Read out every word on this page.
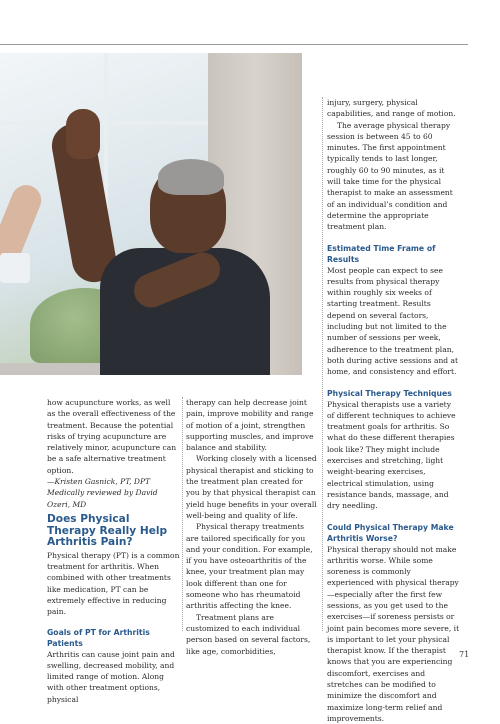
how acupuncture works, as well as the overall effectiveness of the treatment. Because the potential risks of trying acupuncture are relatively minor, acupuncture can be a safe alternative treatment option.

—Kristen Gasnick, PT, DPT

Medically reviewed by David Ozeri, MD

Does Physical Therapy Really Help Arthritis Pain?

Physical therapy (PT) is a common treatment for arthritis. When combined with other treatments like medication, PT can be extremely effective in reducing pain.

Goals of PT for Arthritis Patients

Arthritis can cause joint pain and swelling, decreased mobility, and limited range of motion. Along with other treatment options, physical

therapy can help decrease joint pain, improve mobility and range of motion of a joint, strengthen supporting muscles, and improve balance and stability.

Working closely with a licensed physical therapist and sticking to the treatment plan created for you by that physical therapist can yield huge benefits in your overall well-being and quality of life.

Physical therapy treatments are tailored specifically for you and your condition. For example, if you have osteoarthritis of the knee, your treatment plan may look different than one for someone who has rheumatoid arthritis affecting the knee.

Treatment plans are customized to each individual person based on several factors, like age, comorbidities,

injury, surgery, physical capabilities, and range of motion.

The average physical therapy session is between 45 to 60 minutes. The first appointment typically tends to last longer, roughly 60 to 90 minutes, as it will take time for the physical therapist to make an assessment of an individual’s condition and determine the appropriate treatment plan.

Estimated Time Frame of Results

Most people can expect to see results from physical therapy within roughly six weeks of starting treatment. Results depend on several factors, including but not limited to the number of sessions per week, adherence to the treatment plan, both during active sessions and at home, and consistency and effort.

Physical Therapy Techniques

Physical therapists use a variety of different techniques to achieve treatment goals for arthritis. So what do these different therapies look like? They might include exercises and stretching, light weight-bearing exercises, electrical stimulation, using resistance bands, massage, and dry needling.

Could Physical Therapy Make Arthritis Worse?

Physical therapy should not make arthritis worse. While some soreness is commonly experienced with physical therapy—especially after the first few sessions, as you get used to the exercises—if soreness persists or joint pain becomes more severe, it is important to let your physical therapist know. If the therapist knows that you are experiencing discomfort, exercises and stretches can be modified to minimize the discomfort and maximize long-term relief and improvements.

71
